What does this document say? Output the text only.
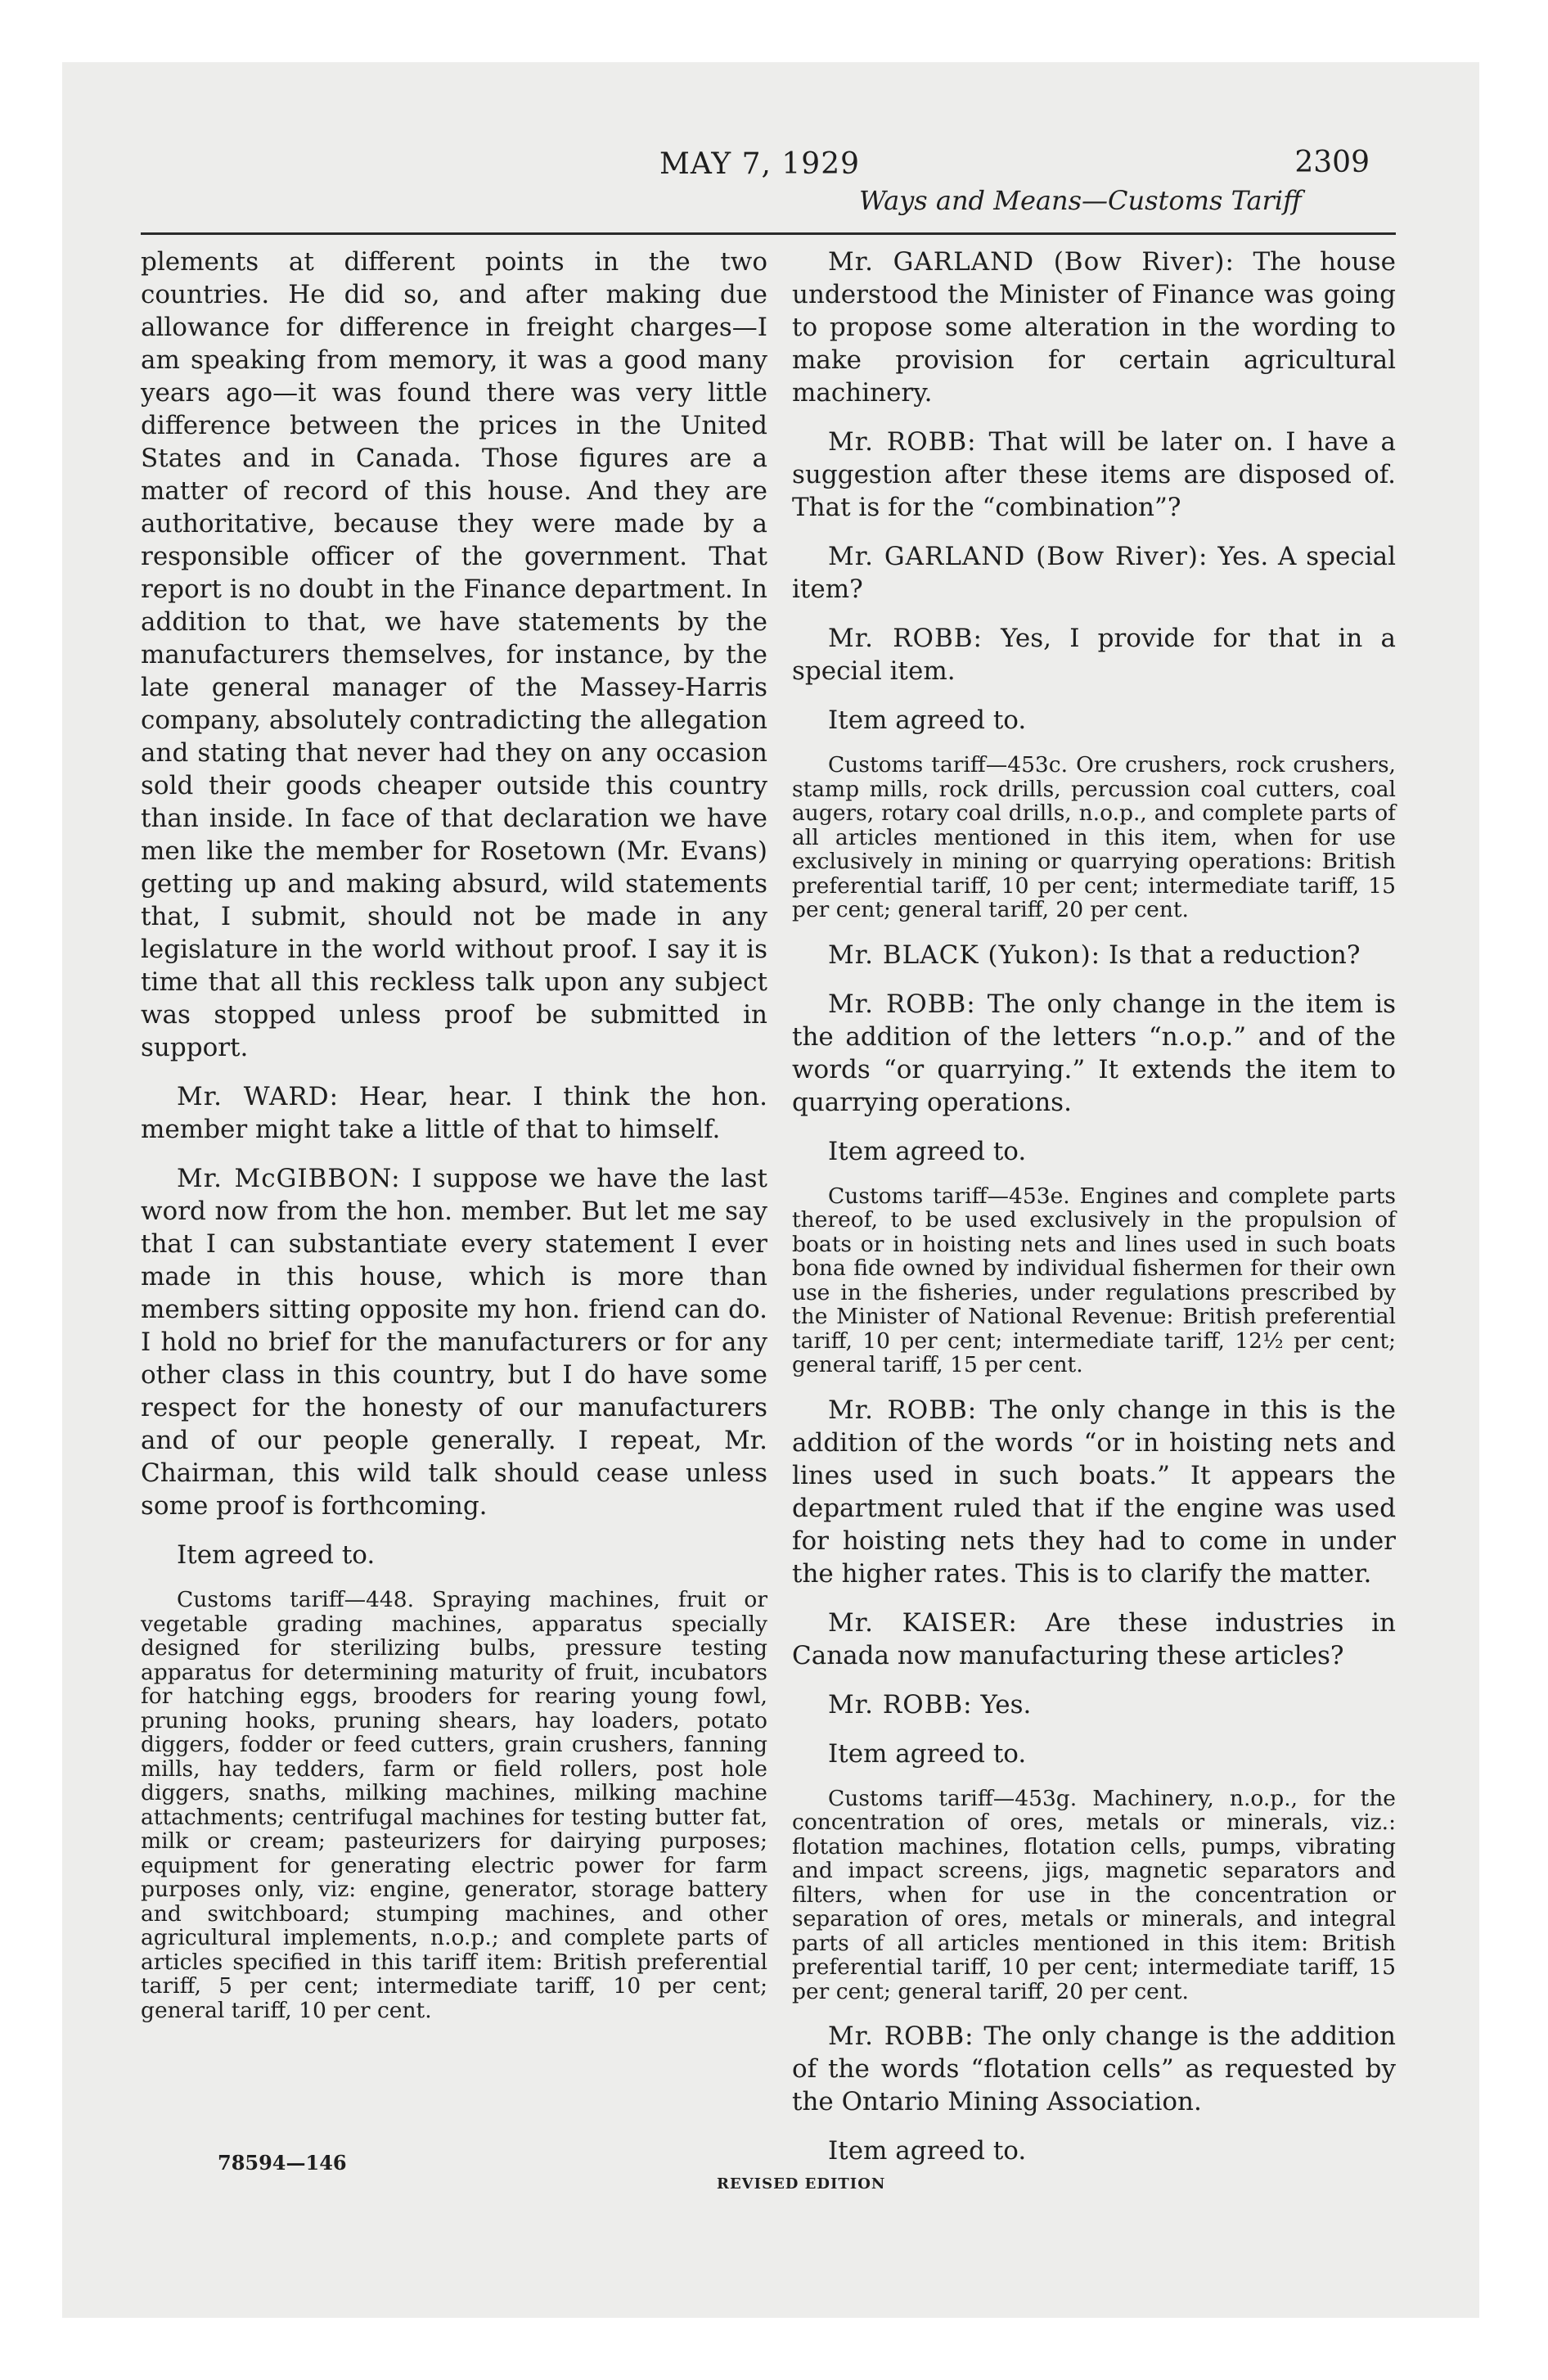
MAY 7, 1929	2309
Ways and Means—Customs Tariff

plements at different points in the two countries. He did so, and after making due allowance for difference in freight charges—I am speaking from memory, it was a good many years ago—it was found there was very little difference between the prices in the United States and in Canada. Those figures are a matter of record of this house. And they are authoritative, because they were made by a responsible officer of the government. That report is no doubt in the Finance department. In addition to that, we have statements by the manufacturers themselves, for instance, by the late general manager of the Massey-Harris company, absolutely contradicting the allegation and stating that never had they on any occasion sold their goods cheaper outside this country than inside. In face of that declaration we have men like the member for Rosetown (Mr. Evans) getting up and making absurd, wild statements that, I submit, should not be made in any legislature in the world without proof. I say it is time that all this reckless talk upon any subject was stopped unless proof be submitted in support.

Mr. WARD: Hear, hear. I think the hon. member might take a little of that to himself.

Mr. McGIBBON: I suppose we have the last word now from the hon. member. But let me say that I can substantiate every statement I ever made in this house, which is more than members sitting opposite my hon. friend can do. I hold no brief for the manufacturers or for any other class in this country, but I do have some respect for the honesty of our manufacturers and of our people generally. I repeat, Mr. Chairman, this wild talk should cease unless some proof is forthcoming.

Item agreed to.

Customs tariff—448. Spraying machines, fruit or vegetable grading machines, apparatus specially designed for sterilizing bulbs, pressure testing apparatus for determining maturity of fruit, incubators for hatching eggs, brooders for rearing young fowl, pruning hooks, pruning shears, hay loaders, potato diggers, fodder or feed cutters, grain crushers, fanning mills, hay tedders, farm or field rollers, post hole diggers, snaths, milking machines, milking machine attachments; centrifugal machines for testing butter fat, milk or cream; pasteurizers for dairying purposes; equipment for generating electric power for farm purposes only, viz: engine, generator, storage battery and switchboard; stumping machines, and other agricultural implements, n.o.p.; and complete parts of articles specified in this tariff item: British preferential tariff, 5 per cent; intermediate tariff, 10 per cent; general tariff, 10 per cent.

Mr. GARLAND (Bow River): The house understood the Minister of Finance was going to propose some alteration in the wording to make provision for certain agricultural machinery.

Mr. ROBB: That will be later on. I have a suggestion after these items are disposed of. That is for the “combination”?

Mr. GARLAND (Bow River): Yes. A special item?

Mr. ROBB: Yes, I provide for that in a special item.

Item agreed to.

Customs tariff—453c. Ore crushers, rock crushers, stamp mills, rock drills, percussion coal cutters, coal augers, rotary coal drills, n.o.p., and complete parts of all articles mentioned in this item, when for use exclusively in mining or quarrying operations: British preferential tariff, 10 per cent; intermediate tariff, 15 per cent; general tariff, 20 per cent.

Mr. BLACK (Yukon): Is that a reduction?

Mr. ROBB: The only change in the item is the addition of the letters “n.o.p.” and of the words “or quarrying.” It extends the item to quarrying operations.

Item agreed to.

Customs tariff—453e. Engines and complete parts thereof, to be used exclusively in the propulsion of boats or in hoisting nets and lines used in such boats bona fide owned by individual fishermen for their own use in the fisheries, under regulations prescribed by the Minister of National Revenue: British preferential tariff, 10 per cent; intermediate tariff, 12½ per cent; general tariff, 15 per cent.

Mr. ROBB: The only change in this is the addition of the words “or in hoisting nets and lines used in such boats.” It appears the department ruled that if the engine was used for hoisting nets they had to come in under the higher rates. This is to clarify the matter.

Mr. KAISER: Are these industries in Canada now manufacturing these articles?

Mr. ROBB: Yes.

Item agreed to.

Customs tariff—453g. Machinery, n.o.p., for the concentration of ores, metals or minerals, viz.: flotation machines, flotation cells, pumps, vibrating and impact screens, jigs, magnetic separators and filters, when for use in the concentration or separation of ores, metals or minerals, and integral parts of all articles mentioned in this item: British preferential tariff, 10 per cent; intermediate tariff, 15 per cent; general tariff, 20 per cent.

Mr. ROBB: The only change is the addition of the words “flotation cells” as requested by the Ontario Mining Association.

Item agreed to.

78594—146
REVISED EDITION
